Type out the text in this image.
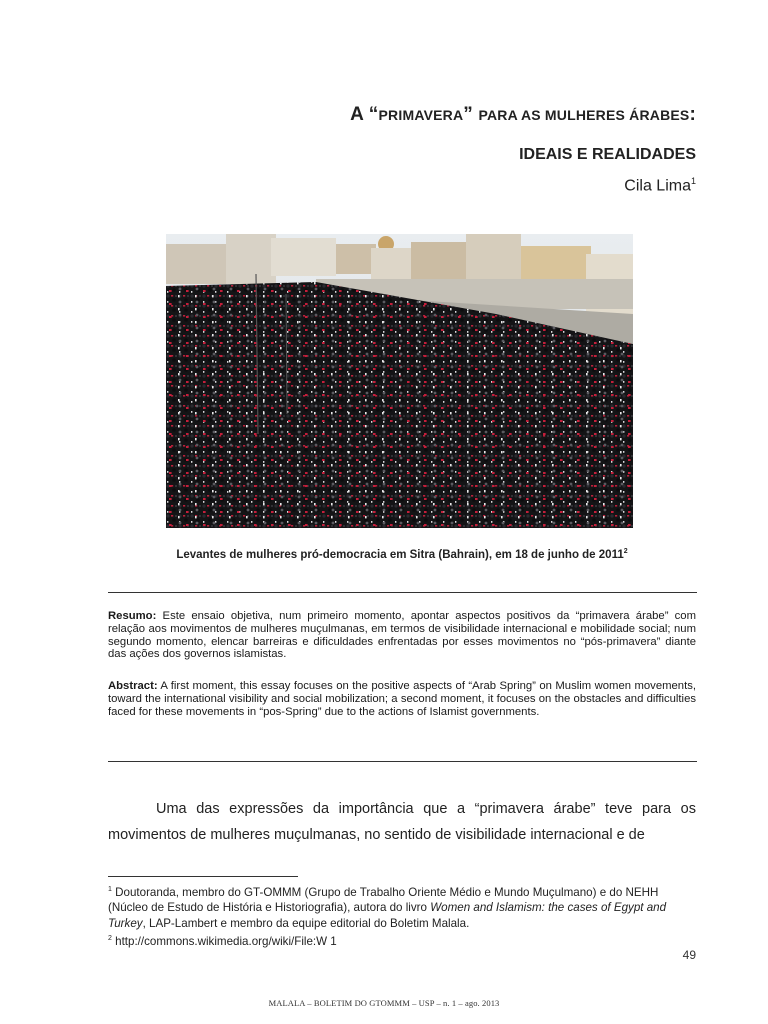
A “PRIMAVERA” PARA AS MULHERES ÁRABES:
IDEAIS E REALIDADES
Cila Lima$^1$
Levantes de mulheres pró-democracia em Sitra (Bahrain), em 18 de junho de 2011$^2$
Resumo: Este ensaio objetiva, num primeiro momento, apontar aspectos positivos da “primavera árabe” com relação aos movimentos de mulheres muçulmanas, em termos de visibilidade internacional e mobilidade social; num segundo momento, elencar barreiras e dificuldades enfrentadas por esses movimentos no “pós-primavera” diante das ações dos governos islamistas.
Abstract: A first moment, this essay focuses on the positive aspects of “Arab Spring” on Muslim women movements, toward the international visibility and social mobilization; a second moment, it focuses on the obstacles and difficulties faced for these movements in “pos-Spring” due to the actions of Islamist governments.
Uma das expressões da importância que a “primavera árabe” teve para os movimentos de mulheres muçulmanas, no sentido de visibilidade internacional e de
$^1$ Doutoranda, membro do GT-OMMM (Grupo de Trabalho Oriente Médio e Mundo Muçulmano) e do NEHH (Núcleo de Estudo de História e Historiografia), autora do livro Women and Islamism: the cases of Egypt and Turkey, LAP-Lambert e membro da equipe editorial do Boletim Malala.
$^2$ http://commons.wikimedia.org/wiki/File:W 1
49
MALALA – BOLETIM DO GTOMMM – USP – n. 1 – ago. 2013
